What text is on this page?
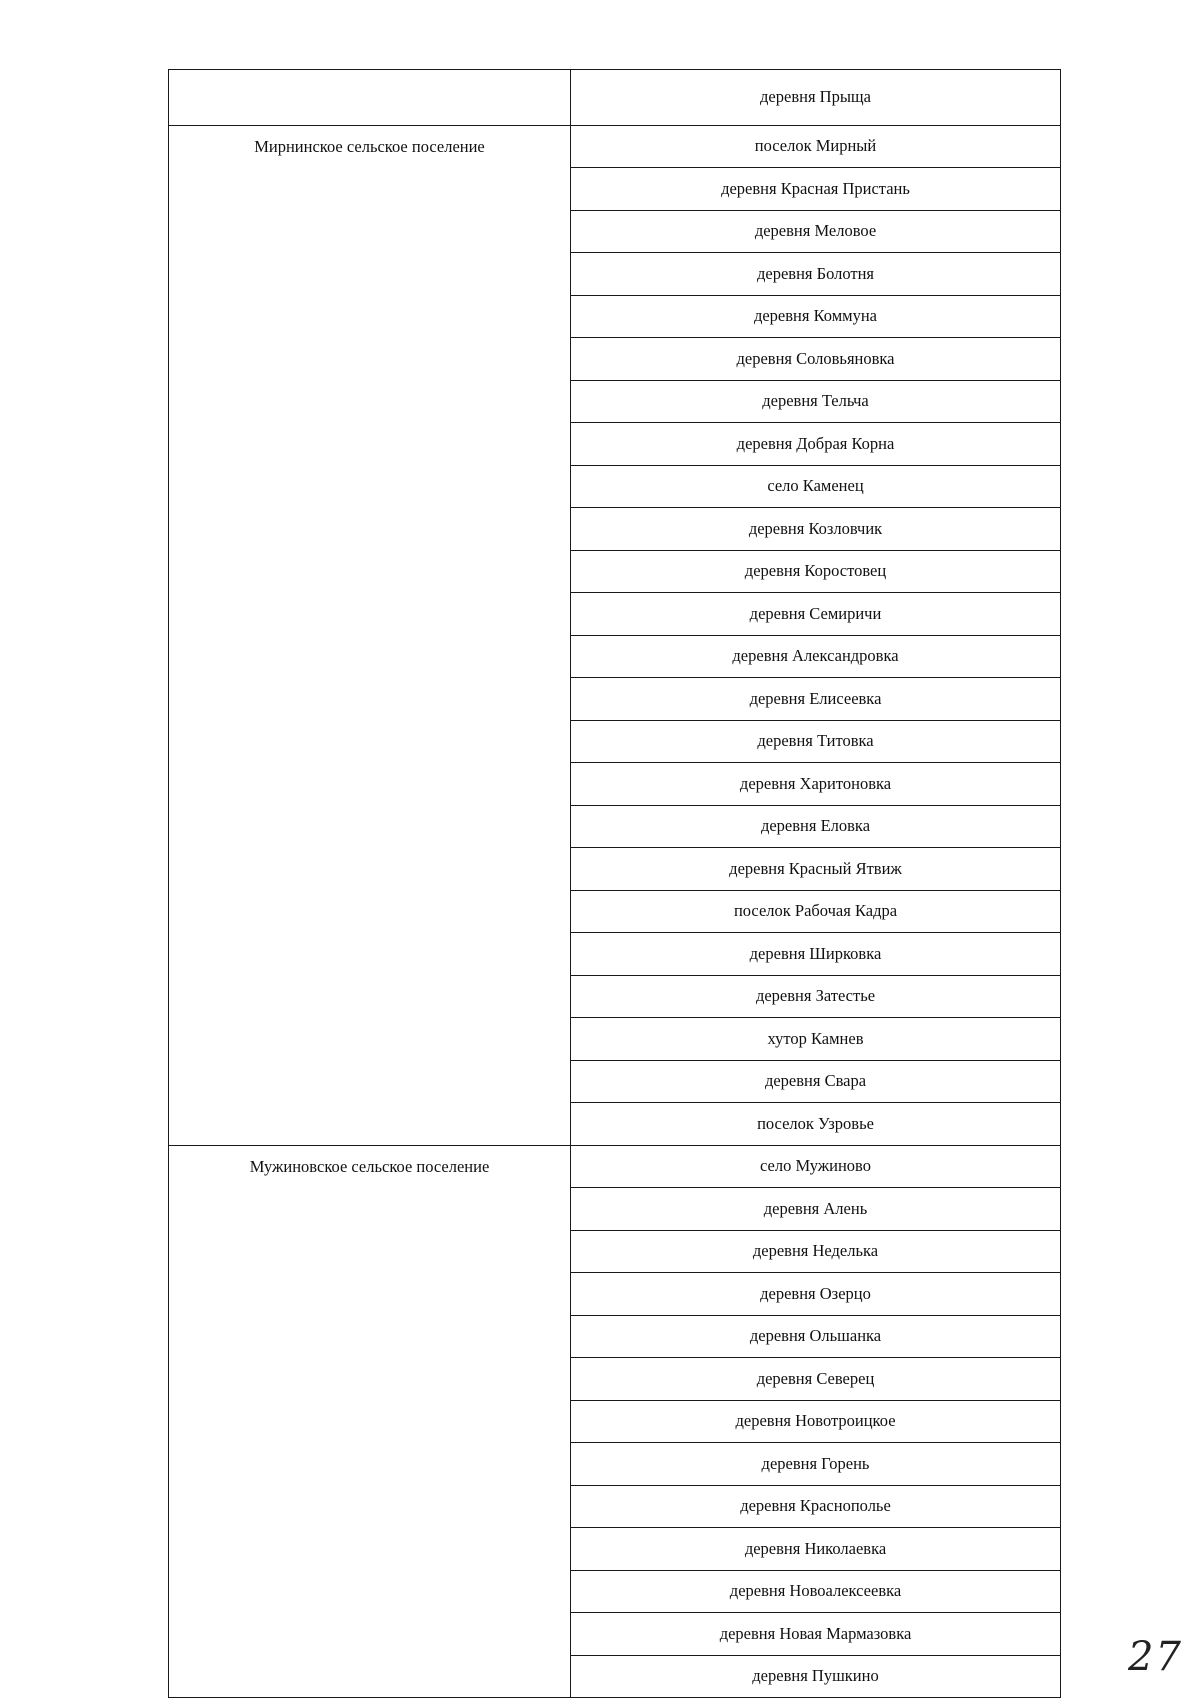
	деревня Прыща
Мирнинское сельское поселение	поселок Мирный
	деревня Красная Пристань
	деревня Меловое
	деревня Болотня
	деревня Коммуна
	деревня Соловьяновка
	деревня Тельча
	деревня Добрая Корна
	село Каменец
	деревня Козловчик
	деревня Коростовец
	деревня Семиричи
	деревня Александровка
	деревня Елисеевка
	деревня Титовка
	деревня Харитоновка
	деревня Еловка
	деревня Красный Ятвиж
	поселок Рабочая Кадра
	деревня Ширковка
	деревня Затестье
	хутор Камнев
	деревня Свара
	поселок Узровье
Мужиновское сельское поселение	село Мужиново
	деревня Алень
	деревня Неделька
	деревня Озерцо
	деревня Ольшанка
	деревня Северец
	деревня Новотроицкое
	деревня Горень
	деревня Краснополье
	деревня Николаевка
	деревня Новоалексеевка
	деревня Новая Мармазовка
	деревня Пушкино	27
